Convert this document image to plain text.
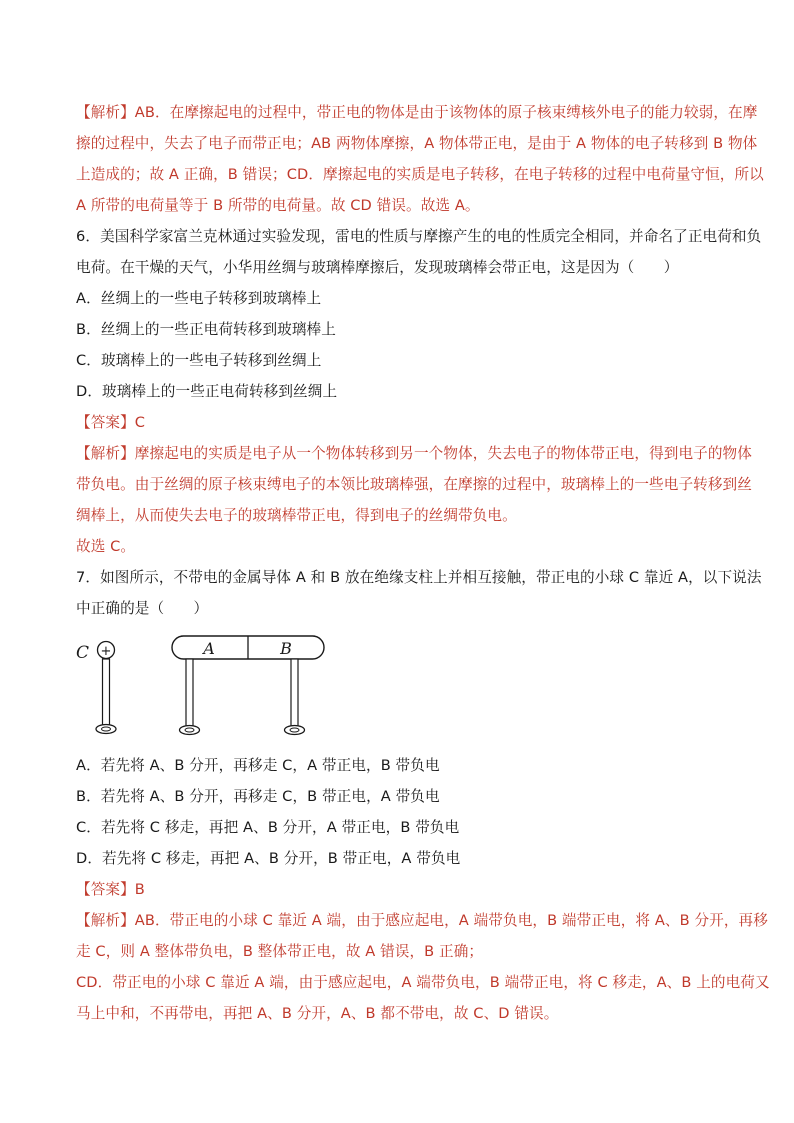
【解析】AB．在摩擦起电的过程中，带正电的物体是由于该物体的原子核束缚核外电子的能力较弱，在摩
擦的过程中，失去了电子而带正电；AB 两物体摩擦，A 物体带正电，是由于 A 物体的电子转移到 B 物体
上造成的；故 A 正确，B 错误；CD．摩擦起电的实质是电子转移，在电子转移的过程中电荷量守恒，所以
A 所带的电荷量等于 B 所带的电荷量。故 CD 错误。故选 A。
6．美国科学家富兰克林通过实验发现，雷电的性质与摩擦产生的电的性质完全相同，并命名了正电荷和负
电荷。在干燥的天气，小华用丝绸与玻璃棒摩擦后，发现玻璃棒会带正电，这是因为（　　）
A．丝绸上的一些电子转移到玻璃棒上
B．丝绸上的一些正电荷转移到玻璃棒上
C．玻璃棒上的一些电子转移到丝绸上
D．玻璃棒上的一些正电荷转移到丝绸上
【答案】C
【解析】摩擦起电的实质是电子从一个物体转移到另一个物体，失去电子的物体带正电，得到电子的物体
带负电。由于丝绸的原子核束缚电子的本领比玻璃棒强，在摩擦的过程中，玻璃棒上的一些电子转移到丝
绸棒上，从而使失去电子的玻璃棒带正电，得到电子的丝绸带负电。
故选 C。
7．如图所示，不带电的金属导体 A 和 B 放在绝缘支柱上并相互接触，带正电的小球 C 靠近 A，以下说法
中正确的是（　　）
C +	A	B
A．若先将 A、B 分开，再移走 C，A 带正电，B 带负电
B．若先将 A、B 分开，再移走 C，B 带正电，A 带负电
C．若先将 C 移走，再把 A、B 分开，A 带正电，B 带负电
D．若先将 C 移走，再把 A、B 分开，B 带正电，A 带负电
【答案】B
【解析】AB．带正电的小球 C 靠近 A 端，由于感应起电，A 端带负电，B 端带正电，将 A、B 分开，再移
走 C，则 A 整体带负电，B 整体带正电，故 A 错误，B 正确；
CD．带正电的小球 C 靠近 A 端，由于感应起电，A 端带负电，B 端带正电，将 C 移走，A、B 上的电荷又
马上中和，不再带电，再把 A、B 分开，A、B 都不带电，故 C、D 错误。
